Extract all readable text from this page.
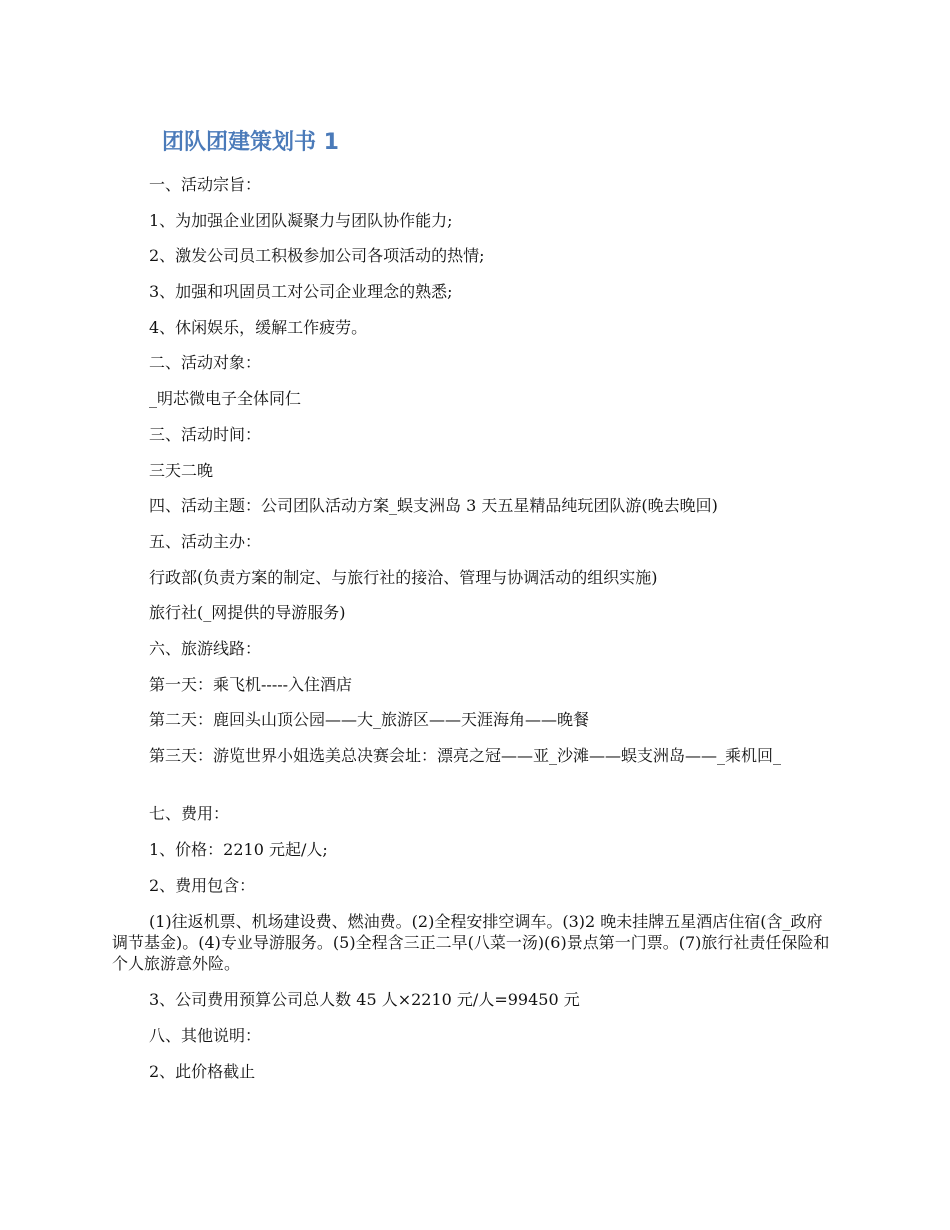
团队团建策划书 1

一、活动宗旨：

1、为加强企业团队凝聚力与团队协作能力;

2、激发公司员工积极参加公司各项活动的热情;

3、加强和巩固员工对公司企业理念的熟悉;

4、休闲娱乐，缓解工作疲劳。

二、活动对象：

_明芯微电子全体同仁

三、活动时间：

三天二晚

四、活动主题：公司团队活动方案_蜈支洲岛 3 天五星精品纯玩团队游(晚去晚回)

五、活动主办：

行政部(负责方案的制定、与旅行社的接洽、管理与协调活动的组织实施)

旅行社(_网提供的导游服务)

六、旅游线路：

第一天：乘飞机-----入住酒店

第二天：鹿回头山顶公园——大_旅游区——天涯海角——晚餐

第三天：游览世界小姐选美总决赛会址：漂亮之冠——亚_沙滩——蜈支洲岛——_乘机回_

七、费用：

1、价格：2210 元起/人;

2、费用包含：

(1)往返机票、机场建设费、燃油费。(2)全程安排空调车。(3)2 晚未挂牌五星酒店住宿(含_政府调节基金)。(4)专业导游服务。(5)全程含三正二早(八菜一汤)(6)景点第一门票。(7)旅行社责任保险和个人旅游意外险。

3、公司费用预算公司总人数 45 人×2210 元/人=99450 元

八、其他说明：

2、此价格截止
